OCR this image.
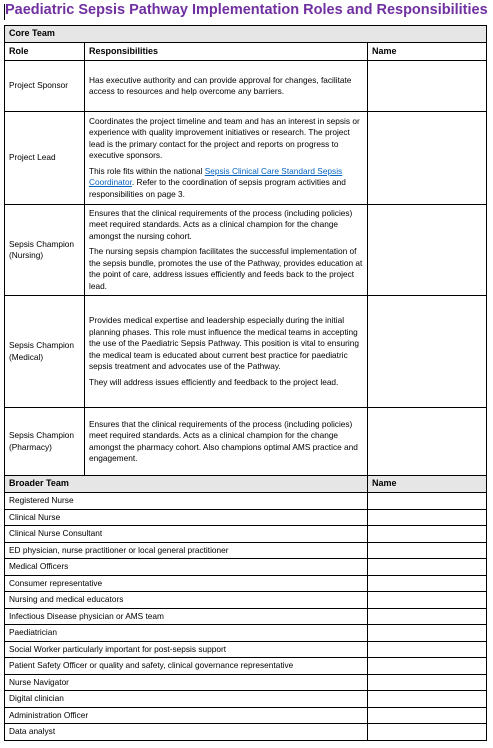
Paediatric Sepsis Pathway Implementation Roles and Responsibilities
Core Team		
Role	Responsibilities	Name
Project Sponsor	Has executive authority and can provide approval for changes, facilitate access to resources and help overcome any barriers.	

Project Lead	Coordinates the project timeline and team and has an interest in sepsis or experience with quality improvement initiatives or research. The project lead is the primary contact for the project and reports on progress to executive sponsors.

This role fits within the national Sepsis Clinical Care Standard Sepsis Coordinator. Refer to the coordination of sepsis program activities and responsibilities on page 3.	

Sepsis Champion (Nursing)	Ensures that the clinical requirements of the process (including policies) meet required standards. Acts as a clinical champion for the change amongst the nursing cohort.

The nursing sepsis champion facilitates the successful implementation of the sepsis bundle, promotes the use of the Pathway, provides education at the point of care, address issues efficiently and feeds back to the project lead.	

Sepsis Champion (Medical)	Provides medical expertise and leadership especially during the initial planning phases. This role must influence the medical teams in accepting the use of the Paediatric Sepsis Pathway. This position is vital to ensuring the medical team is educated about current best practice for paediatric sepsis treatment and advocates use of the Pathway.

They will address issues efficiently and feedback to the project lead.	

Sepsis Champion (Pharmacy)	Ensures that the clinical requirements of the process (including policies) meet required standards. Acts as a clinical champion for the change amongst the pharmacy cohort. Also champions optimal AMS practice and engagement.	

Broader Team		Name
Registered Nurse		
Clinical Nurse		
Clinical Nurse Consultant		
ED physician, nurse practitioner or local general practitioner		
Medical Officers		
Consumer representative		
Nursing and medical educators		
Infectious Disease physician or AMS team		
Paediatrician		
Social Worker particularly important for post-sepsis support		
Patient Safety Officer or quality and safety, clinical governance representative		
Nurse Navigator		
Digital clinician		
Administration Officer		
Data analyst		
